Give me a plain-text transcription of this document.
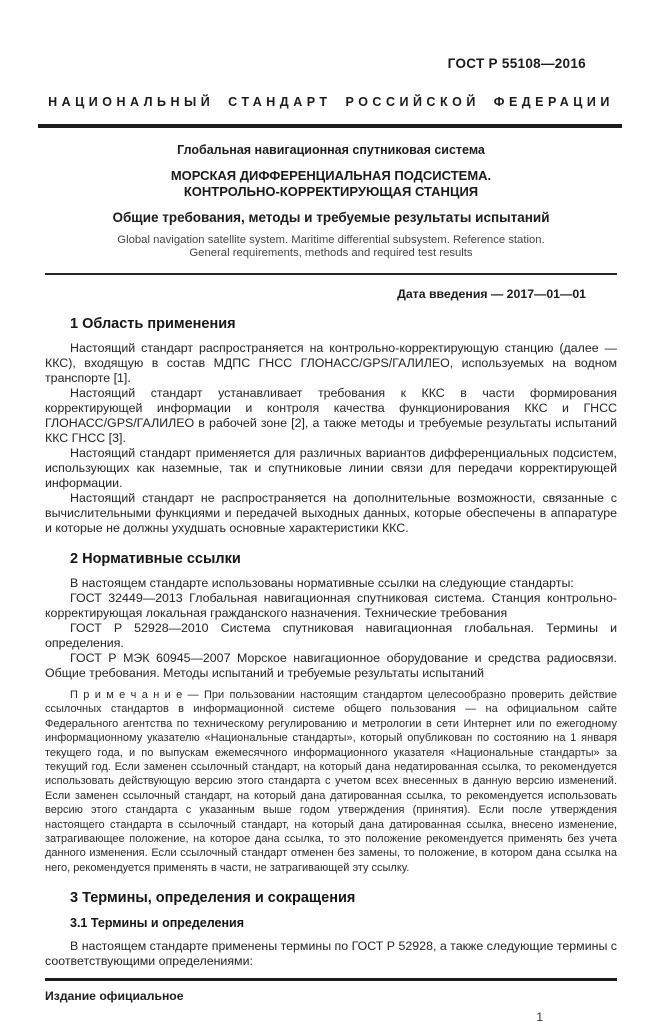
ГОСТ Р 55108—2016
НАЦИОНАЛЬНЫЙ СТАНДАРТ РОССИЙСКОЙ ФЕДЕРАЦИИ
Глобальная навигационная спутниковая система
МОРСКАЯ ДИФФЕРЕНЦИАЛЬНАЯ ПОДСИСТЕМА.
КОНТРОЛЬНО-КОРРЕКТИРУЮЩАЯ СТАНЦИЯ
Общие требования, методы и требуемые результаты испытаний
Global navigation satellite system. Maritime differential subsystem. Reference station.
General requirements, methods and required test results
Дата введения — 2017—01—01
1 Область применения

Настоящий стандарт распространяется на контрольно-корректирующую станцию (далее — ККС), входящую в состав МДПС ГНСС ГЛОНАСС/GPS/ГАЛИЛЕО, используемых на водном транспорте [1].

Настоящий стандарт устанавливает требования к ККС в части формирования корректирующей информации и контроля качества функционирования ККС и ГНСС ГЛОНАСС/GPS/ГАЛИЛЕО в рабочей зоне [2], а также методы и требуемые результаты испытаний ККС ГНСС [3].

Настоящий стандарт применяется для различных вариантов дифференциальных подсистем, использующих как наземные, так и спутниковые линии связи для передачи корректирующей информации.

Настоящий стандарт не распространяется на дополнительные возможности, связанные с вычислительными функциями и передачей выходных данных, которые обеспечены в аппаратуре и которые не должны ухудшать основные характеристики ККС.

2 Нормативные ссылки

В настоящем стандарте использованы нормативные ссылки на следующие стандарты:

ГОСТ 32449—2013 Глобальная навигационная спутниковая система. Станция контрольно-корректирующая локальная гражданского назначения. Технические требования

ГОСТ Р 52928—2010 Система спутниковая навигационная глобальная. Термины и определения.

ГОСТ Р МЭК 60945—2007 Морское навигационное оборудование и средства радиосвязи. Общие требования. Методы испытаний и требуемые результаты испытаний

П р и м е ч а н и е — При пользовании настоящим стандартом целесообразно проверить действие ссылочных стандартов в информационной системе общего пользования — на официальном сайте Федерального агентства по техническому регулированию и метрологии в сети Интернет или по ежегодному информационному указателю «Национальные стандарты», который опубликован по состоянию на 1 января текущего года, и по выпускам ежемесячного информационного указателя «Национальные стандарты» за текущий год. Если заменен ссылочный стандарт, на который дана недатированная ссылка, то рекомендуется использовать действующую версию этого стандарта с учетом всех внесенных в данную версию изменений. Если заменен ссылочный стандарт, на который дана датированная ссылка, то рекомендуется использовать версию этого стандарта с указанным выше годом утверждения (принятия). Если после утверждения настоящего стандарта в ссылочный стандарт, на который дана датированная ссылка, внесено изменение, затрагивающее положение, на которое дана ссылка, то это положение рекомендуется применять без учета данного изменения. Если ссылочный стандарт отменен без замены, то положение, в котором дана ссылка на него, рекомендуется применять в части, не затрагивающей эту ссылку.

3 Термины, определения и сокращения
3.1 Термины и определения

В настоящем стандарте применены термины по ГОСТ Р 52928, а также следующие термины с соответствующими определениями:

Издание официальное
1
